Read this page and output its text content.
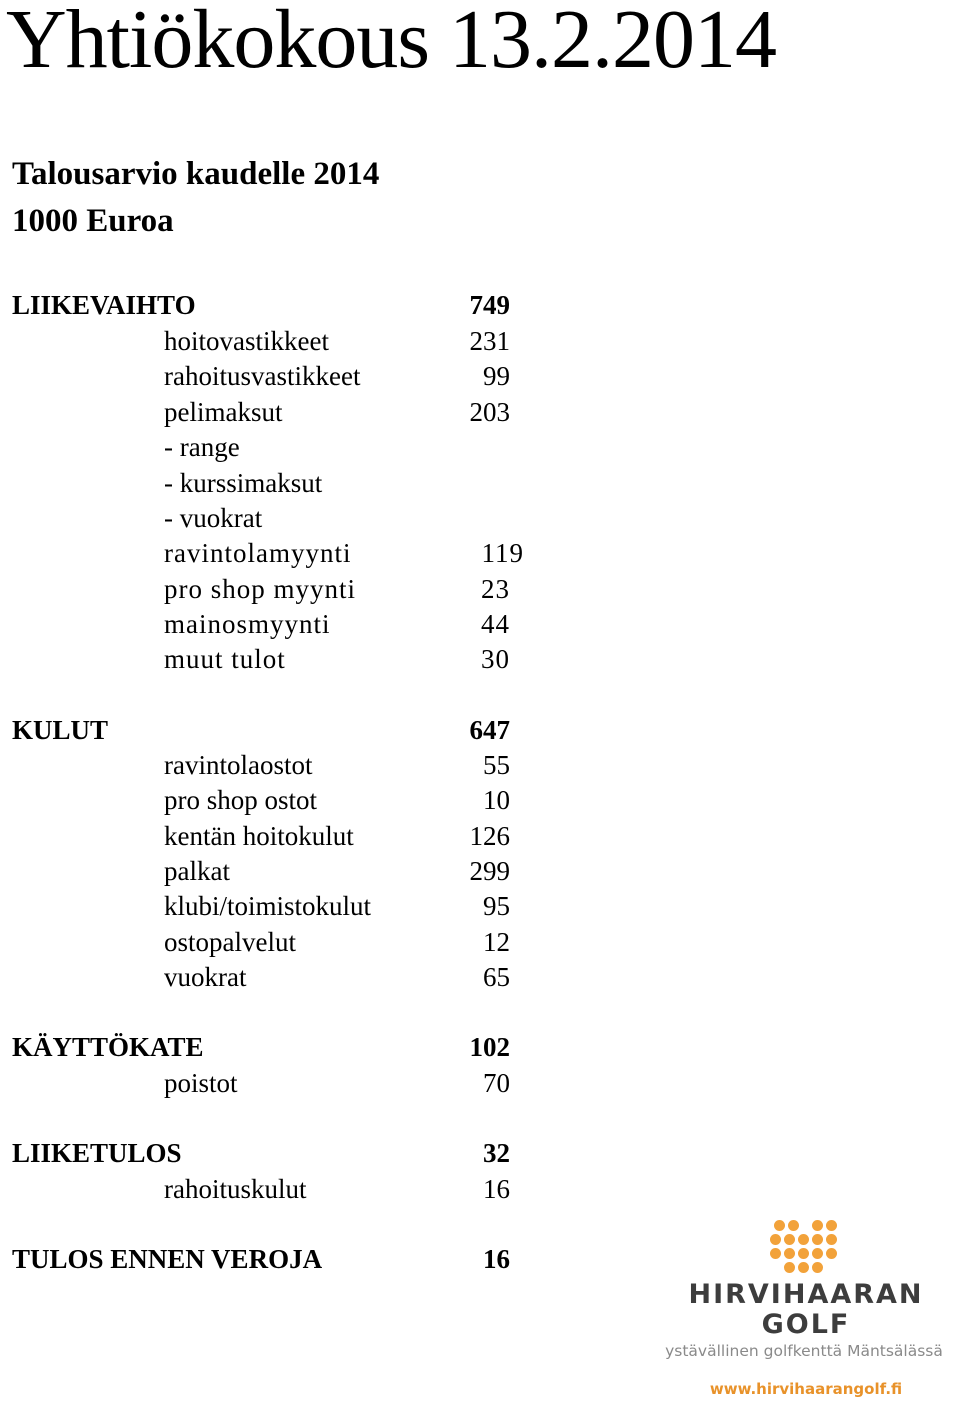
Yhtiökokous 13.2.2014
Talousarvio kaudelle 2014
1000 Euroa
LIIKEVAIHTO	749
hoitovastikkeet	231
rahoitusvastikkeet	99
pelimaksut	203
- range
- kurssimaksut
- vuokrat
ravintolamyynti	119
pro shop myynti	23
mainosmyynti	44
muut tulot	30
KULUT	647
ravintolaostot	55
pro shop ostot	10
kentän hoitokulut	126
palkat	299
klubi/toimistokulut	95
ostopalvelut	12
vuokrat	65
KÄYTTÖKATE	102
poistot	70
LIIKETULOS	32
rahoituskulut	16
TULOS ENNEN VEROJA	16
HIRVIHAARAN
GOLF
ystävällinen golfkenttä Mäntsälässä
www.hirvihaarangolf.fi
